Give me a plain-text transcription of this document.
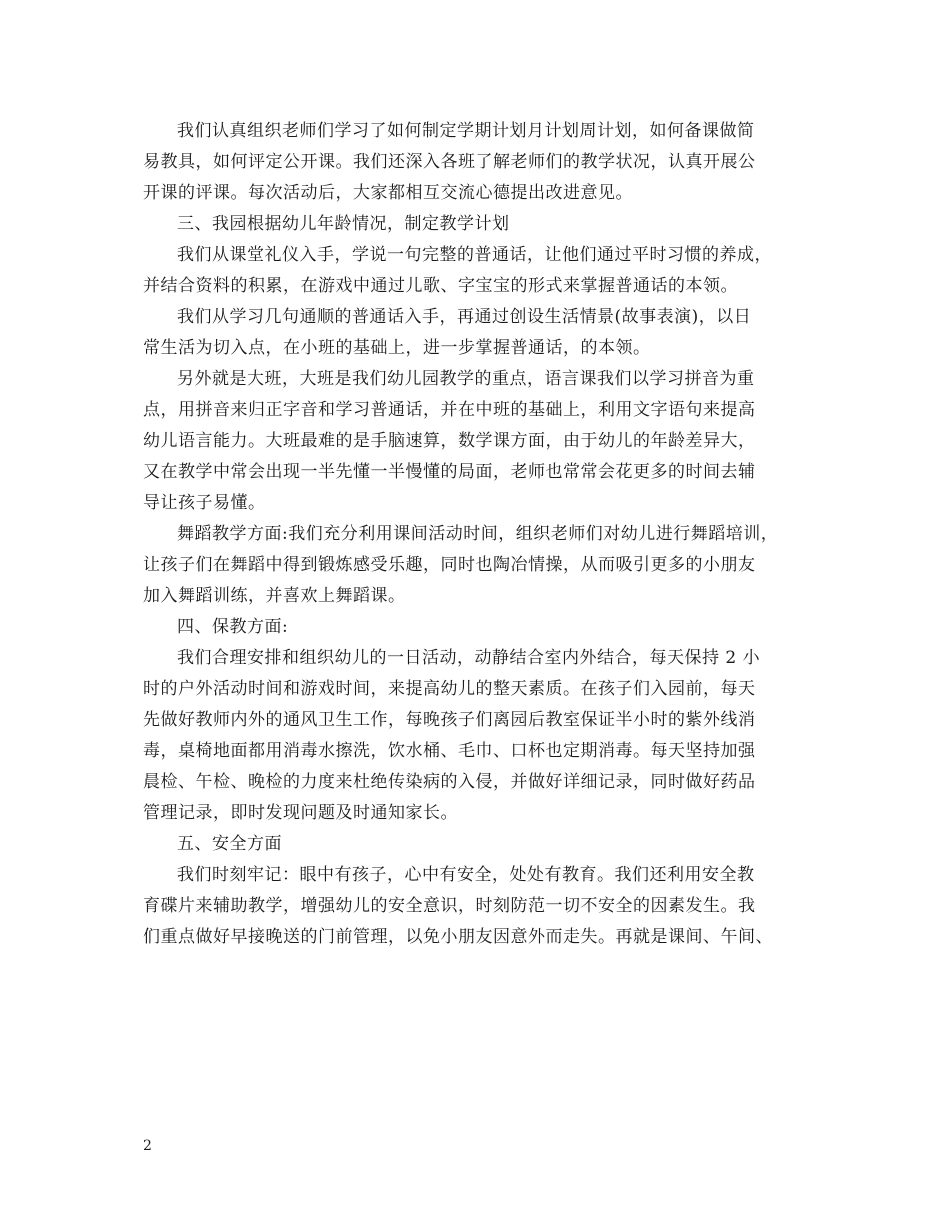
我们认真组织老师们学习了如何制定学期计划月计划周计划，如何备课做简
易教具，如何评定公开课。我们还深入各班了解老师们的教学状况，认真开展公
开课的评课。每次活动后，大家都相互交流心德提出改进意见。
三、我园根据幼儿年龄情况，制定教学计划
我们从课堂礼仪入手，学说一句完整的普通话，让他们通过平时习惯的养成，
并结合资料的积累，在游戏中通过儿歌、字宝宝的形式来掌握普通话的本领。
我们从学习几句通顺的普通话入手，再通过创设生活情景(故事表演)，以日
常生活为切入点，在小班的基础上，进一步掌握普通话，的本领。
另外就是大班，大班是我们幼儿园教学的重点，语言课我们以学习拼音为重
点，用拼音来归正字音和学习普通话，并在中班的基础上，利用文字语句来提高
幼儿语言能力。大班最难的是手脑速算，数学课方面，由于幼儿的年龄差异大，
又在教学中常会出现一半先懂一半慢懂的局面，老师也常常会花更多的时间去辅
导让孩子易懂。
舞蹈教学方面:我们充分利用课间活动时间，组织老师们对幼儿进行舞蹈培训，
让孩子们在舞蹈中得到锻炼感受乐趣，同时也陶冶情操，从而吸引更多的小朋友
加入舞蹈训练，并喜欢上舞蹈课。
四、保教方面:
我们合理安排和组织幼儿的一日活动，动静结合室内外结合，每天保持 2 小
时的户外活动时间和游戏时间，来提高幼儿的整天素质。在孩子们入园前，每天
先做好教师内外的通风卫生工作，每晚孩子们离园后教室保证半小时的紫外线消
毒，桌椅地面都用消毒水擦洗，饮水桶、毛巾、口杯也定期消毒。每天坚持加强
晨检、午检、晚检的力度来杜绝传染病的入侵，并做好详细记录，同时做好药品
管理记录，即时发现问题及时通知家长。
五、安全方面
我们时刻牢记：眼中有孩子，心中有安全，处处有教育。我们还利用安全教
育碟片来辅助教学，增强幼儿的安全意识，时刻防范一切不安全的因素发生。我
们重点做好早接晚送的门前管理，以免小朋友因意外而走失。再就是课间、午间、
2
